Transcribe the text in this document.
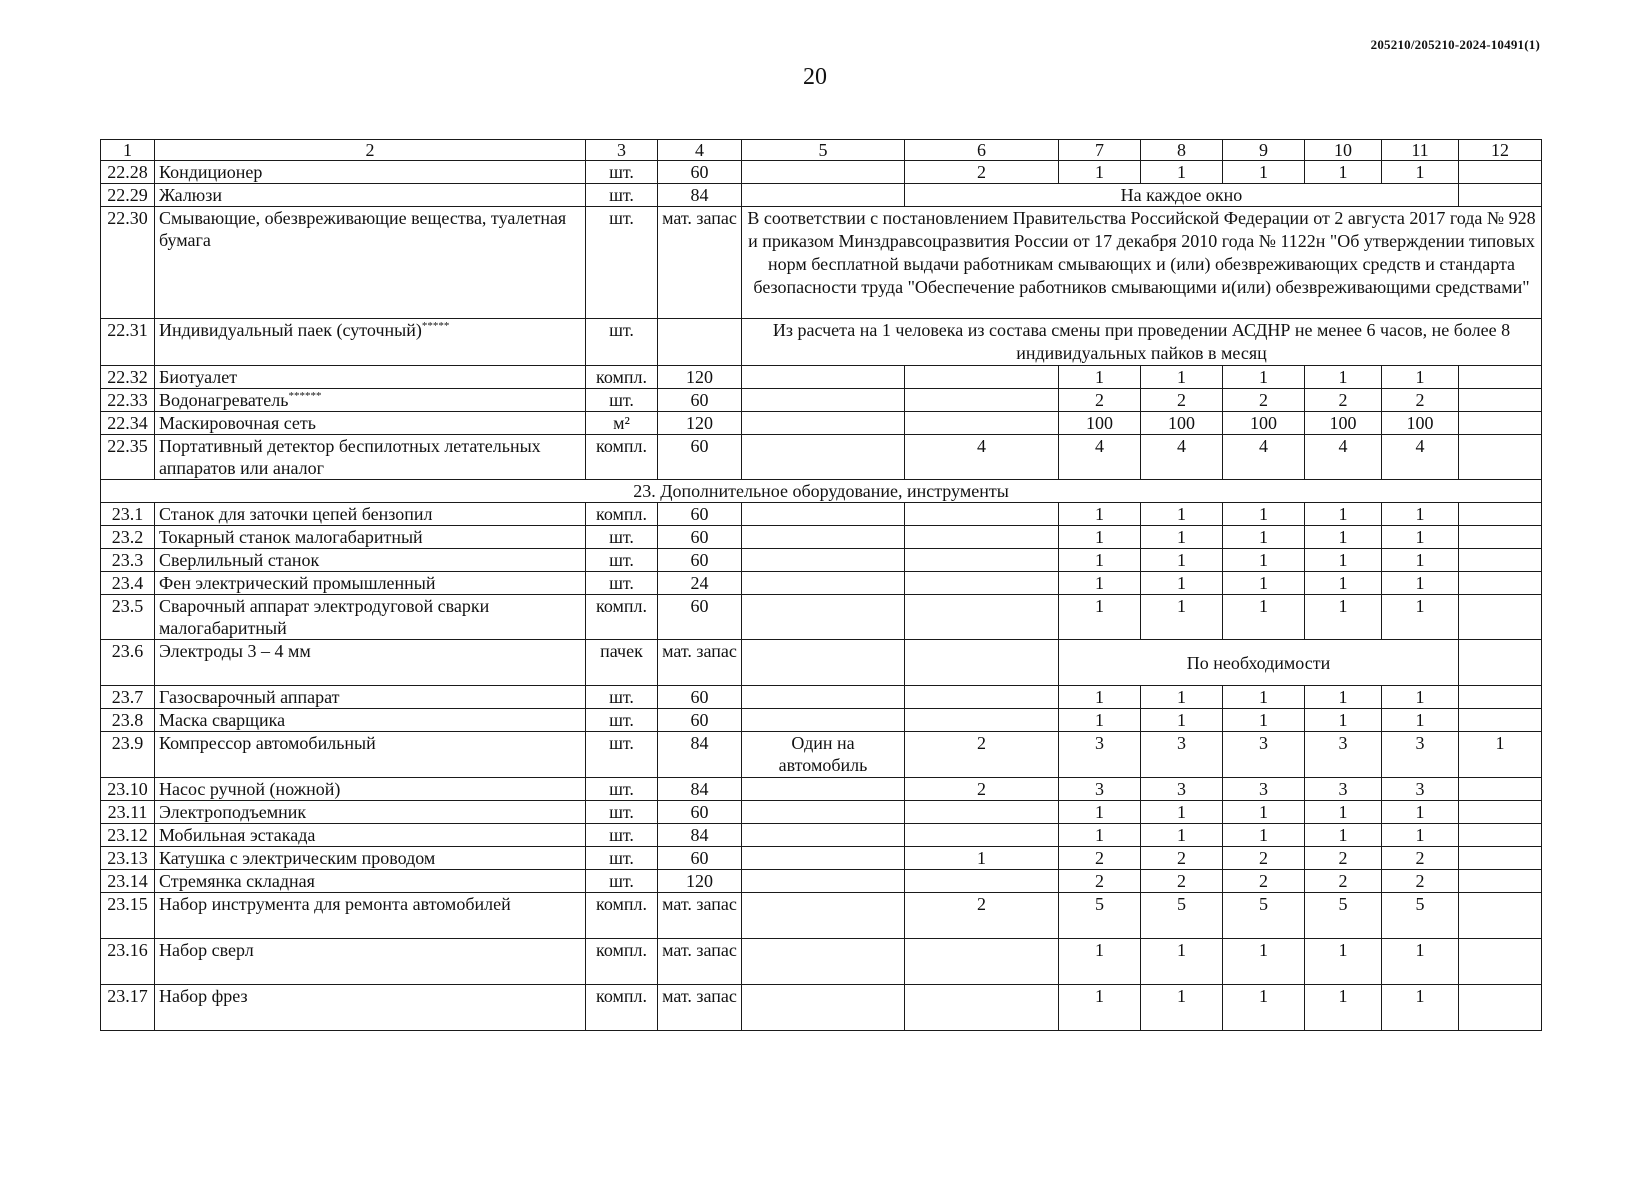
205210/205210-2024-10491(1)
20
1	2	3	4	5	6	7	8	9	10	11	12
22.28	Кондиционер	шт.	60		2	1	1	1	1	1	
22.29	Жалюзи	шт.	84		На каждое окно						
22.30	Смывающие, обезвреживающие вещества, туалетная бумага	шт.	мат. запас	В соответствии с постановлением Правительства Российской Федерации от 2 августа 2017 года № 928 и приказом Минздравсоцразвития России от 17 декабря 2010 года № 1122н "Об утверждении типовых норм бесплатной выдачи работникам смывающих и (или) обезвреживающих средств и стандарта безопасности труда "Обеспечение работников смывающими и(или) обезвреживающими средствами"							
22.31	Индивидуальный паек (суточный)*****	шт.		Из расчета на 1 человека из состава смены при проведении АСДНР не менее 6 часов, не более 8 индивидуальных пайков в месяц							
22.32	Биотуалет	компл.	120			1	1	1	1	1	
22.33	Водонагреватель******	шт.	60			2	2	2	2	2	
22.34	Маскировочная сеть	м²	120			100	100	100	100	100	
22.35	Портативный детектор беспилотных летательных аппаратов или аналог	компл.	60		4	4	4	4	4	4	
23. Дополнительное оборудование, инструменты											
23.1	Станок для заточки цепей бензопил	компл.	60			1	1	1	1	1	
23.2	Токарный станок малогабаритный	шт.	60			1	1	1	1	1	
23.3	Сверлильный станок	шт.	60			1	1	1	1	1	
23.4	Фен электрический промышленный	шт.	24			1	1	1	1	1	
23.5	Сварочный аппарат электродуговой сварки малогабаритный	компл.	60			1	1	1	1	1	
23.6	Электроды 3 – 4 мм	пачек	мат. запас			По необходимости					
23.7	Газосварочный аппарат	шт.	60			1	1	1	1	1	
23.8	Маска сварщика	шт.	60			1	1	1	1	1	
23.9	Компрессор автомобильный	шт.	84	Один на автомобиль	2	3	3	3	3	3	1
23.10	Насос ручной (ножной)	шт.	84		2	3	3	3	3	3	
23.11	Электроподъемник	шт.	60			1	1	1	1	1	
23.12	Мобильная эстакада	шт.	84			1	1	1	1	1	
23.13	Катушка с электрическим проводом	шт.	60		1	2	2	2	2	2	
23.14	Стремянка складная	шт.	120			2	2	2	2	2	
23.15	Набор инструмента для ремонта автомобилей	компл.	мат. запас		2	5	5	5	5	5	
23.16	Набор сверл	компл.	мат. запас			1	1	1	1	1	
23.17	Набор фрез	компл.	мат. запас			1	1	1	1	1	
